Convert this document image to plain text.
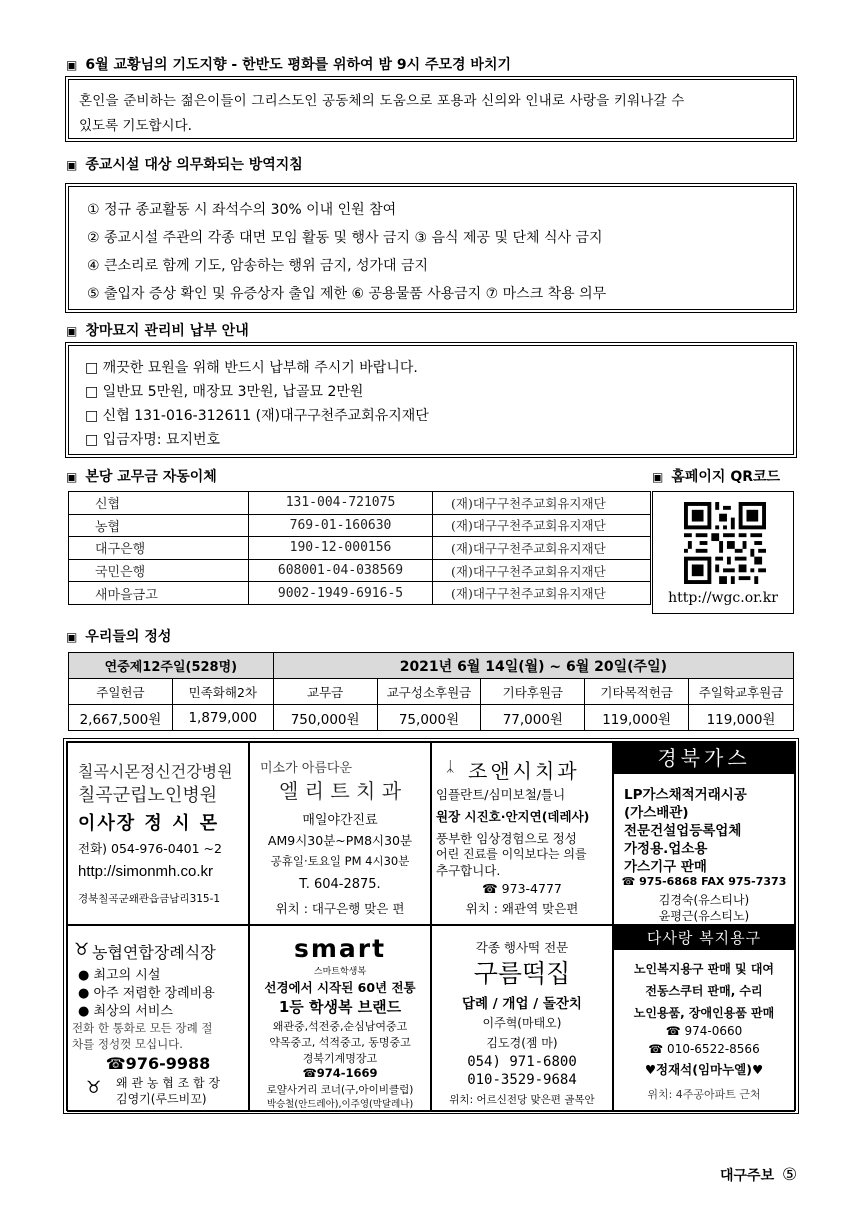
▣ 6월 교황님의 기도지향 - 한반도 평화를 위하여 밤 9시 주모경 바치기
혼인을 준비하는 젊은이들이 그리스도인 공동체의 도움으로 포용과 신의와 인내로 사랑을 키워나갈 수
있도록 기도합시다.
▣ 종교시설 대상 의무화되는 방역지침
① 정규 종교활동 시 좌석수의 30% 이내 인원 참여
② 종교시설 주관의 각종 대면 모임 활동 및 행사 금지 ③ 음식 제공 및 단체 식사 금지
④ 큰소리로 함께 기도, 암송하는 행위 금지, 성가대 금지
⑤ 출입자 증상 확인 및 유증상자 출입 제한 ⑥ 공용물품 사용금지 ⑦ 마스크 착용 의무
▣ 창마묘지 관리비 납부 안내
□ 깨끗한 묘원을 위해 반드시 납부해 주시기 바랍니다.
□ 일반묘 5만원, 매장묘 3만원, 납골묘 2만원
□ 신협 131-016-312611 (재)대구구천주교회유지재단
□ 입금자명: 묘지번호
▣ 본당 교무금 자동이체	▣ 홈페이지 QR코드
신협	131-004-721075	(재)대구구천주교회유지재단
농협	769-01-160630	(재)대구구천주교회유지재단
대구은행	190-12-000156	(재)대구구천주교회유지재단
국민은행	608001-04-038569	(재)대구구천주교회유지재단
새마을금고	9002-1949-6916-5	(재)대구구천주교회유지재단	http://wgc.or.kr
▣ 우리들의 정성
연중제12주일(528명)		2021년 6월 14일(월) ~ 6월 20일(주일)				
주일헌금	민족화해2차	교무금	교구성소후원금	기타후원금	기타목적헌금	주일학교후원금
2,667,500원	1,879,000	750,000원	75,000원	77,000원	119,000원	119,000원
칠곡시몬정신건강병원
칠곡군립노인병원
이사장 정 시 몬
전화) 054-976-0401 ~2
http://simonmh.co.kr
경북칠곡군왜관읍금남리315-1
미소가 아름다운
엘 리 트 치 과
매일야간진료
AM9시30분~PM8시30분
공휴일·토요일 PM 4시30분
T. 604-2875.
위치 : 대구은행 맞은 편
ᛣ 조앤시치과
임플란트/심미보철/틀니
원장 시진호·안지연(데레사)
풍부한 임상경험으로 정성
어린 진료를 이익보다는 의를
추구합니다.
☎ 973-4777
위치 : 왜관역 맞은편
경북가스
LP가스채적거래시공
(가스배관)
전문건설업등록업체
가정용.업소용
가스기구 판매
☎ 975-6868 FAX 975-7373
김경숙(유스티나)
윤평근(유스티노)
♉ 농협연합장례식장
● 최고의 시설
● 아주 저렴한 장례비용
● 최상의 서비스
전화 한 통화로 모든 장례 절
차를 정성껏 모십니다.
☎976-9988
♉ 왜 관 농 협 조 합 장
김영기(루드비꼬)
smart
스마트학생복
선경에서 시작된 60년 전통
1등 학생복 브랜드
왜관중,석전중,순심남여중고
약목중고, 석적중고, 동명중고
경북기계명장고
☎974-1669
로얄사거리 코너(구,아이비클럽)
박승철(안드레아),이주영(막달레나)
각종 행사떡 전문
구름떡집
답례 / 개업 / 돌잔치
이주혁(마태오)
김도경(젬 마)
054) 971-6800
010-3529-9684
위치: 어르신전당 맞은편 골목안
다사랑 복지용구
노인복지용구 판매 및 대여
전동스쿠터 판매, 수리
노인용품, 장애인용품 판매
☎ 974-0660
☎ 010-6522-8566
♥정재석(임마누엘)♥
위치: 4주공아파트 근처
대구주보 ⑤
